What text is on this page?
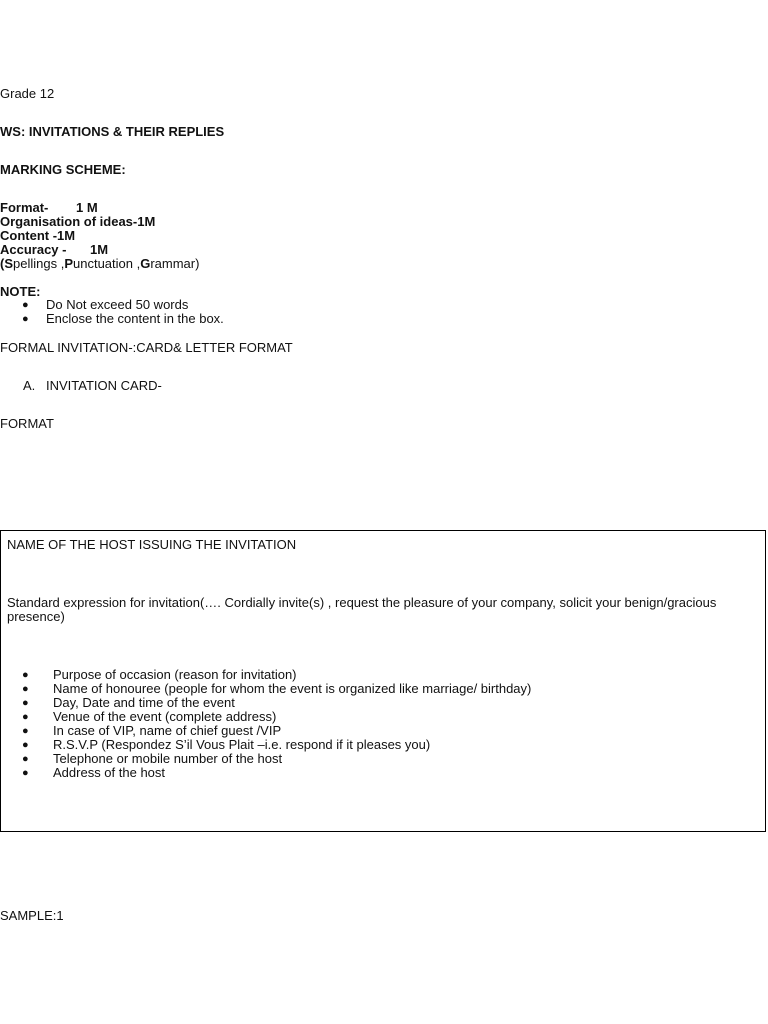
Grade 12
WS: INVITATIONS & THEIR REPLIES
MARKING SCHEME:
Format- 1 M
Organisation of ideas-1M
Content -1M
Accuracy - 1M
(Spellings ,Punctuation ,Grammar)
NOTE:
● Do Not exceed 50 words
● Enclose the content in the box.
FORMAL INVITATION-:CARD& LETTER FORMAT
A. INVITATION CARD-
FORMAT
NAME OF THE HOST ISSUING THE INVITATION
Standard expression for invitation(…. Cordially invite(s) , request the pleasure of your company, solicit your benign/gracious presence)
● Purpose of occasion (reason for invitation)
● Name of honouree (people for whom the event is organized like marriage/ birthday)
● Day, Date and time of the event
● Venue of the event (complete address)
● In case of VIP, name of chief guest /VIP
● R.S.V.P (Respondez S’il Vous Plait –i.e. respond if it pleases you)
● Telephone or mobile number of the host
● Address of the host
SAMPLE:1
